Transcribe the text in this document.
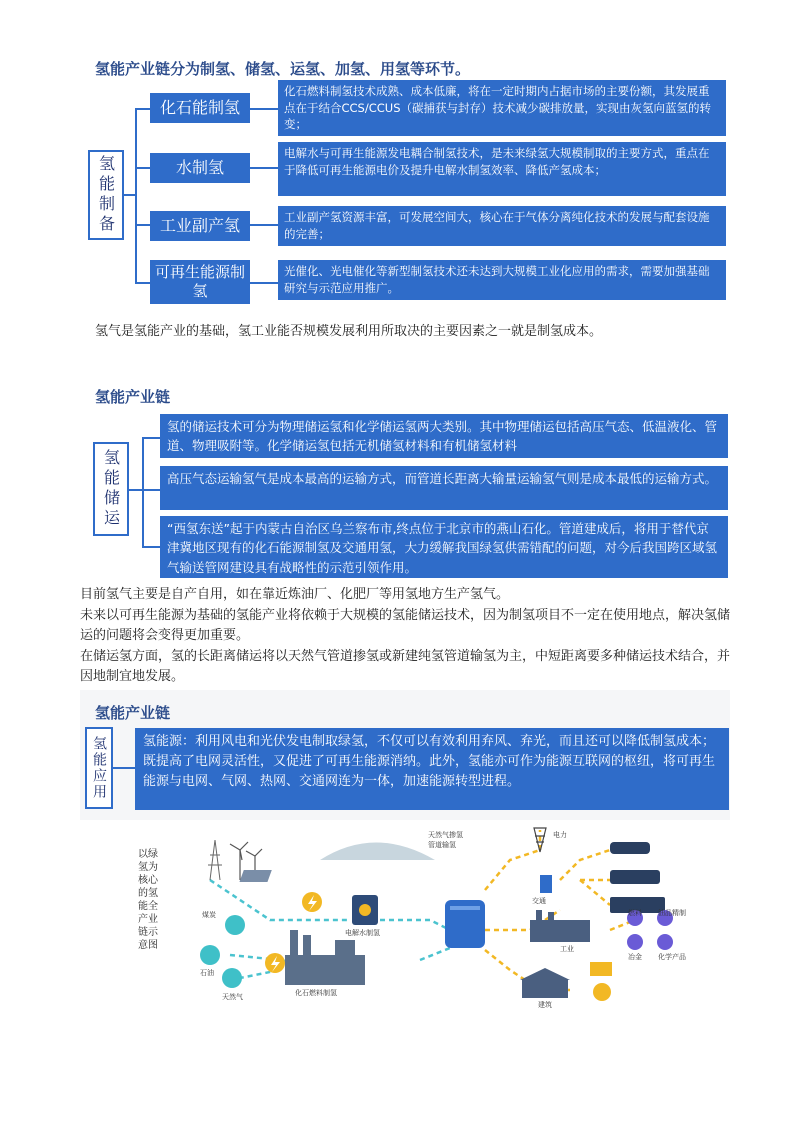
氢能产业链分为制氢、储氢、运氢、加氢、用氢等环节。
氢能制备
化石能制氢
水制氢
工业副产氢
可再生能源制氢
化石燃料制氢技术成熟、成本低廉，将在一定时期内占据市场的主要份额，其发展重点在于结合CCS/CCUS（碳捕获与封存）技术减少碳排放量，实现由灰氢向蓝氢的转变；
电解水与可再生能源发电耦合制氢技术，是未来绿氢大规模制取的主要方式，重点在于降低可再生能源电价及提升电解水制氢效率、降低产氢成本；
工业副产氢资源丰富，可发展空间大，核心在于气体分离纯化技术的发展与配套设施的完善；
光催化、光电催化等新型制氢技术还未达到大规模工业化应用的需求，需要加强基础研究与示范应用推广。
氢气是氢能产业的基础，氢工业能否规模发展利用所取决的主要因素之一就是制氢成本。
氢能产业链
氢能储运
氢的储运技术可分为物理储运氢和化学储运氢两大类别。其中物理储运包括高压气态、低温液化、管道、物理吸附等。化学储运氢包括无机储氢材料和有机储氢材料
高压气态运输氢气是成本最高的运输方式，而管道长距离大输量运输氢气则是成本最低的运输方式。
“西氢东送”起于内蒙古自治区乌兰察布市,终点位于北京市的燕山石化。管道建成后，将用于替代京津冀地区现有的化石能源制氢及交通用氢，大力缓解我国绿氢供需错配的问题，对今后我国跨区域氢气输送管网建设具有战略性的示范引领作用。
目前氢气主要是自产自用，如在靠近炼油厂、化肥厂等用氢地方生产氢气。
未来以可再生能源为基础的氢能产业将依赖于大规模的氢能储运技术，因为制氢项目不一定在使用地点，解决氢储运的问题将会变得更加重要。
在储运氢方面，氢的长距离储运将以天然气管道掺氢或新建纯氢管道输氢为主，中短距离要多种储运技术结合，并因地制宜地发展。
氢能产业链
氢能应用	氢能源：利用风电和光伏发电制取绿氢，不仅可以有效利用弃风、弃光，而且还可以降低制氢成本；既提高了电网灵活性，又促进了可再生能源消纳。此外，氢能亦可作为能源互联网的枢纽，将可再生能源与电网、气网、热网、交通网连为一体，加速能源转型进程。
以绿氢为核心的氢能全产业链示意图
天然气掺氢管道输氢
电解水制氢
化石燃料制氢
煤炭
石油
天然气
电力
交通
工业
燃料 油品精制
冶金 化学产品
建筑
